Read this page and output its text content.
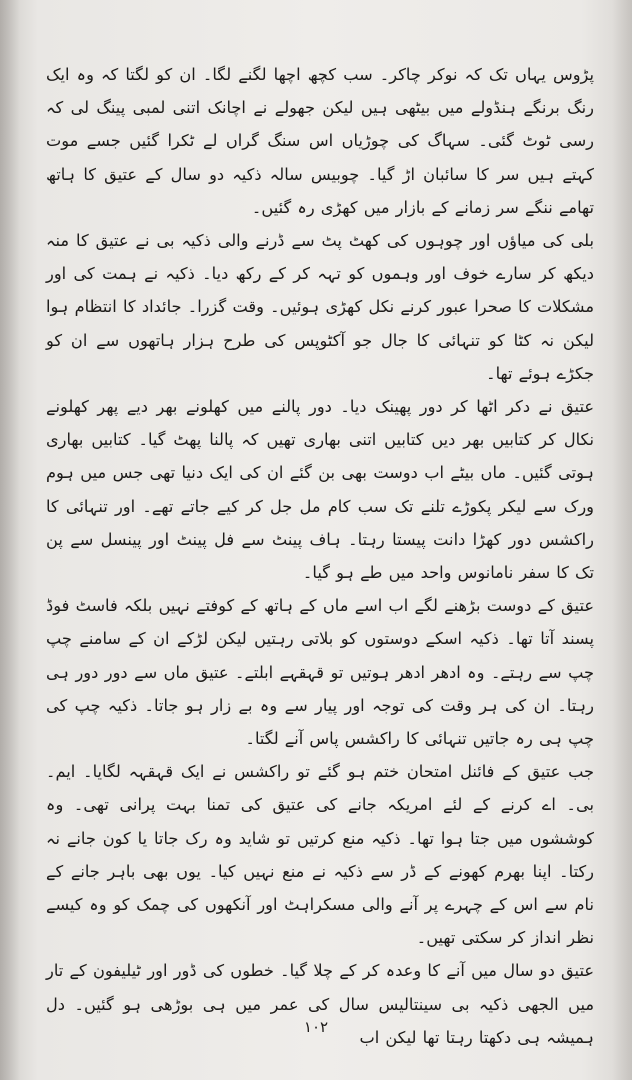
پڑوس یہاں تک کہ نوکر چاکر۔ سب کچھ اچھا لگنے لگا۔ ان کو لگتا کہ وہ ایک رنگ برنگے ہنڈولے میں بیٹھی ہیں لیکن جھولے نے اچانک اتنی لمبی پینگ لی کہ رسی ٹوٹ گئی۔ سہاگ کی چوڑیاں اس سنگ گراں لے ٹکرا گئیں جسے موت کہتے ہیں سر کا سائبان اڑ گیا۔ چوبیس سالہ ذکیہ دو سال کے عتیق کا ہاتھ تھامے ننگے سر زمانے کے بازار میں کھڑی رہ گئیں۔

بلی کی میاؤں اور چوہوں کی کھٹ پٹ سے ڈرنے والی ذکیہ بی نے عتیق کا منہ دیکھ کر سارے خوف اور وہموں کو تہہ کر کے رکھ دیا۔ ذکیہ نے ہمت کی اور مشکلات کا صحرا عبور کرنے نکل کھڑی ہوئیں۔ وقت گزرا۔ جائداد کا انتظام ہوا لیکن نہ کٹا کو تنہائی کا جال جو آکٹوپس کی طرح ہزار ہاتھوں سے ان کو جکڑے ہوئے تھا۔

عتیق نے دکر اٹھا کر دور پھینک دیا۔ دور پالنے میں کھلونے بھر دیے پھر کھلونے نکال کر کتابیں بھر دیں کتابیں اتنی بھاری تھیں کہ پالنا پھٹ گیا۔ کتابیں بھاری ہوتی گئیں۔ ماں بیٹے اب دوست بھی بن گئے ان کی ایک دنیا تھی جس میں ہوم ورک سے لیکر پکوڑے تلنے تک سب کام مل جل کر کیے جاتے تھے۔ اور تنہائی کا راکشس دور کھڑا دانت پیستا رہتا۔ ہاف پینٹ سے فل پینٹ اور پینسل سے پن تک کا سفر نامانوس واحد میں طے ہو گیا۔

عتیق کے دوست بڑھنے لگے اب اسے ماں کے ہاتھ کے کوفتے نہیں بلکہ فاسٹ فوڈ پسند آتا تھا۔ ذکیہ اسکے دوستوں کو بلاتی رہتیں لیکن لڑکے ان کے سامنے چپ چپ سے رہتے۔ وہ ادھر ادھر ہوتیں تو قہقہے ابلتے۔ عتیق ماں سے دور دور ہی رہتا۔ ان کی ہر وقت کی توجہ اور پیار سے وہ بے زار ہو جاتا۔ ذکیہ چپ کی چپ ہی رہ جاتیں تنہائی کا راکشس پاس آنے لگتا۔

جب عتیق کے فائنل امتحان ختم ہو گئے تو راکشس نے ایک قہقہہ لگایا۔ ایم۔ بی۔ اے کرنے کے لئے امریکہ جانے کی عتیق کی تمنا بہت پرانی تھی۔ وہ کوششوں میں جتا ہوا تھا۔ ذکیہ منع کرتیں تو شاید وہ رک جاتا یا کون جانے نہ رکتا۔ اپنا بھرم کھونے کے ڈر سے ذکیہ نے منع نہیں کیا۔ یوں بھی باہر جانے کے نام سے اس کے چہرے پر آنے والی مسکراہٹ اور آنکھوں کی چمک کو وہ کیسے نظر انداز کر سکتی تھیں۔

عتیق دو سال میں آنے کا وعدہ کر کے چلا گیا۔ خطوں کی ڈور اور ٹیلیفون کے تار میں الجھی ذکیہ بی سینتالیس سال کی عمر میں ہی بوڑھی ہو گئیں۔ دل ہمیشہ ہی دکھتا رہتا تھا لیکن اب

۱۰۲
